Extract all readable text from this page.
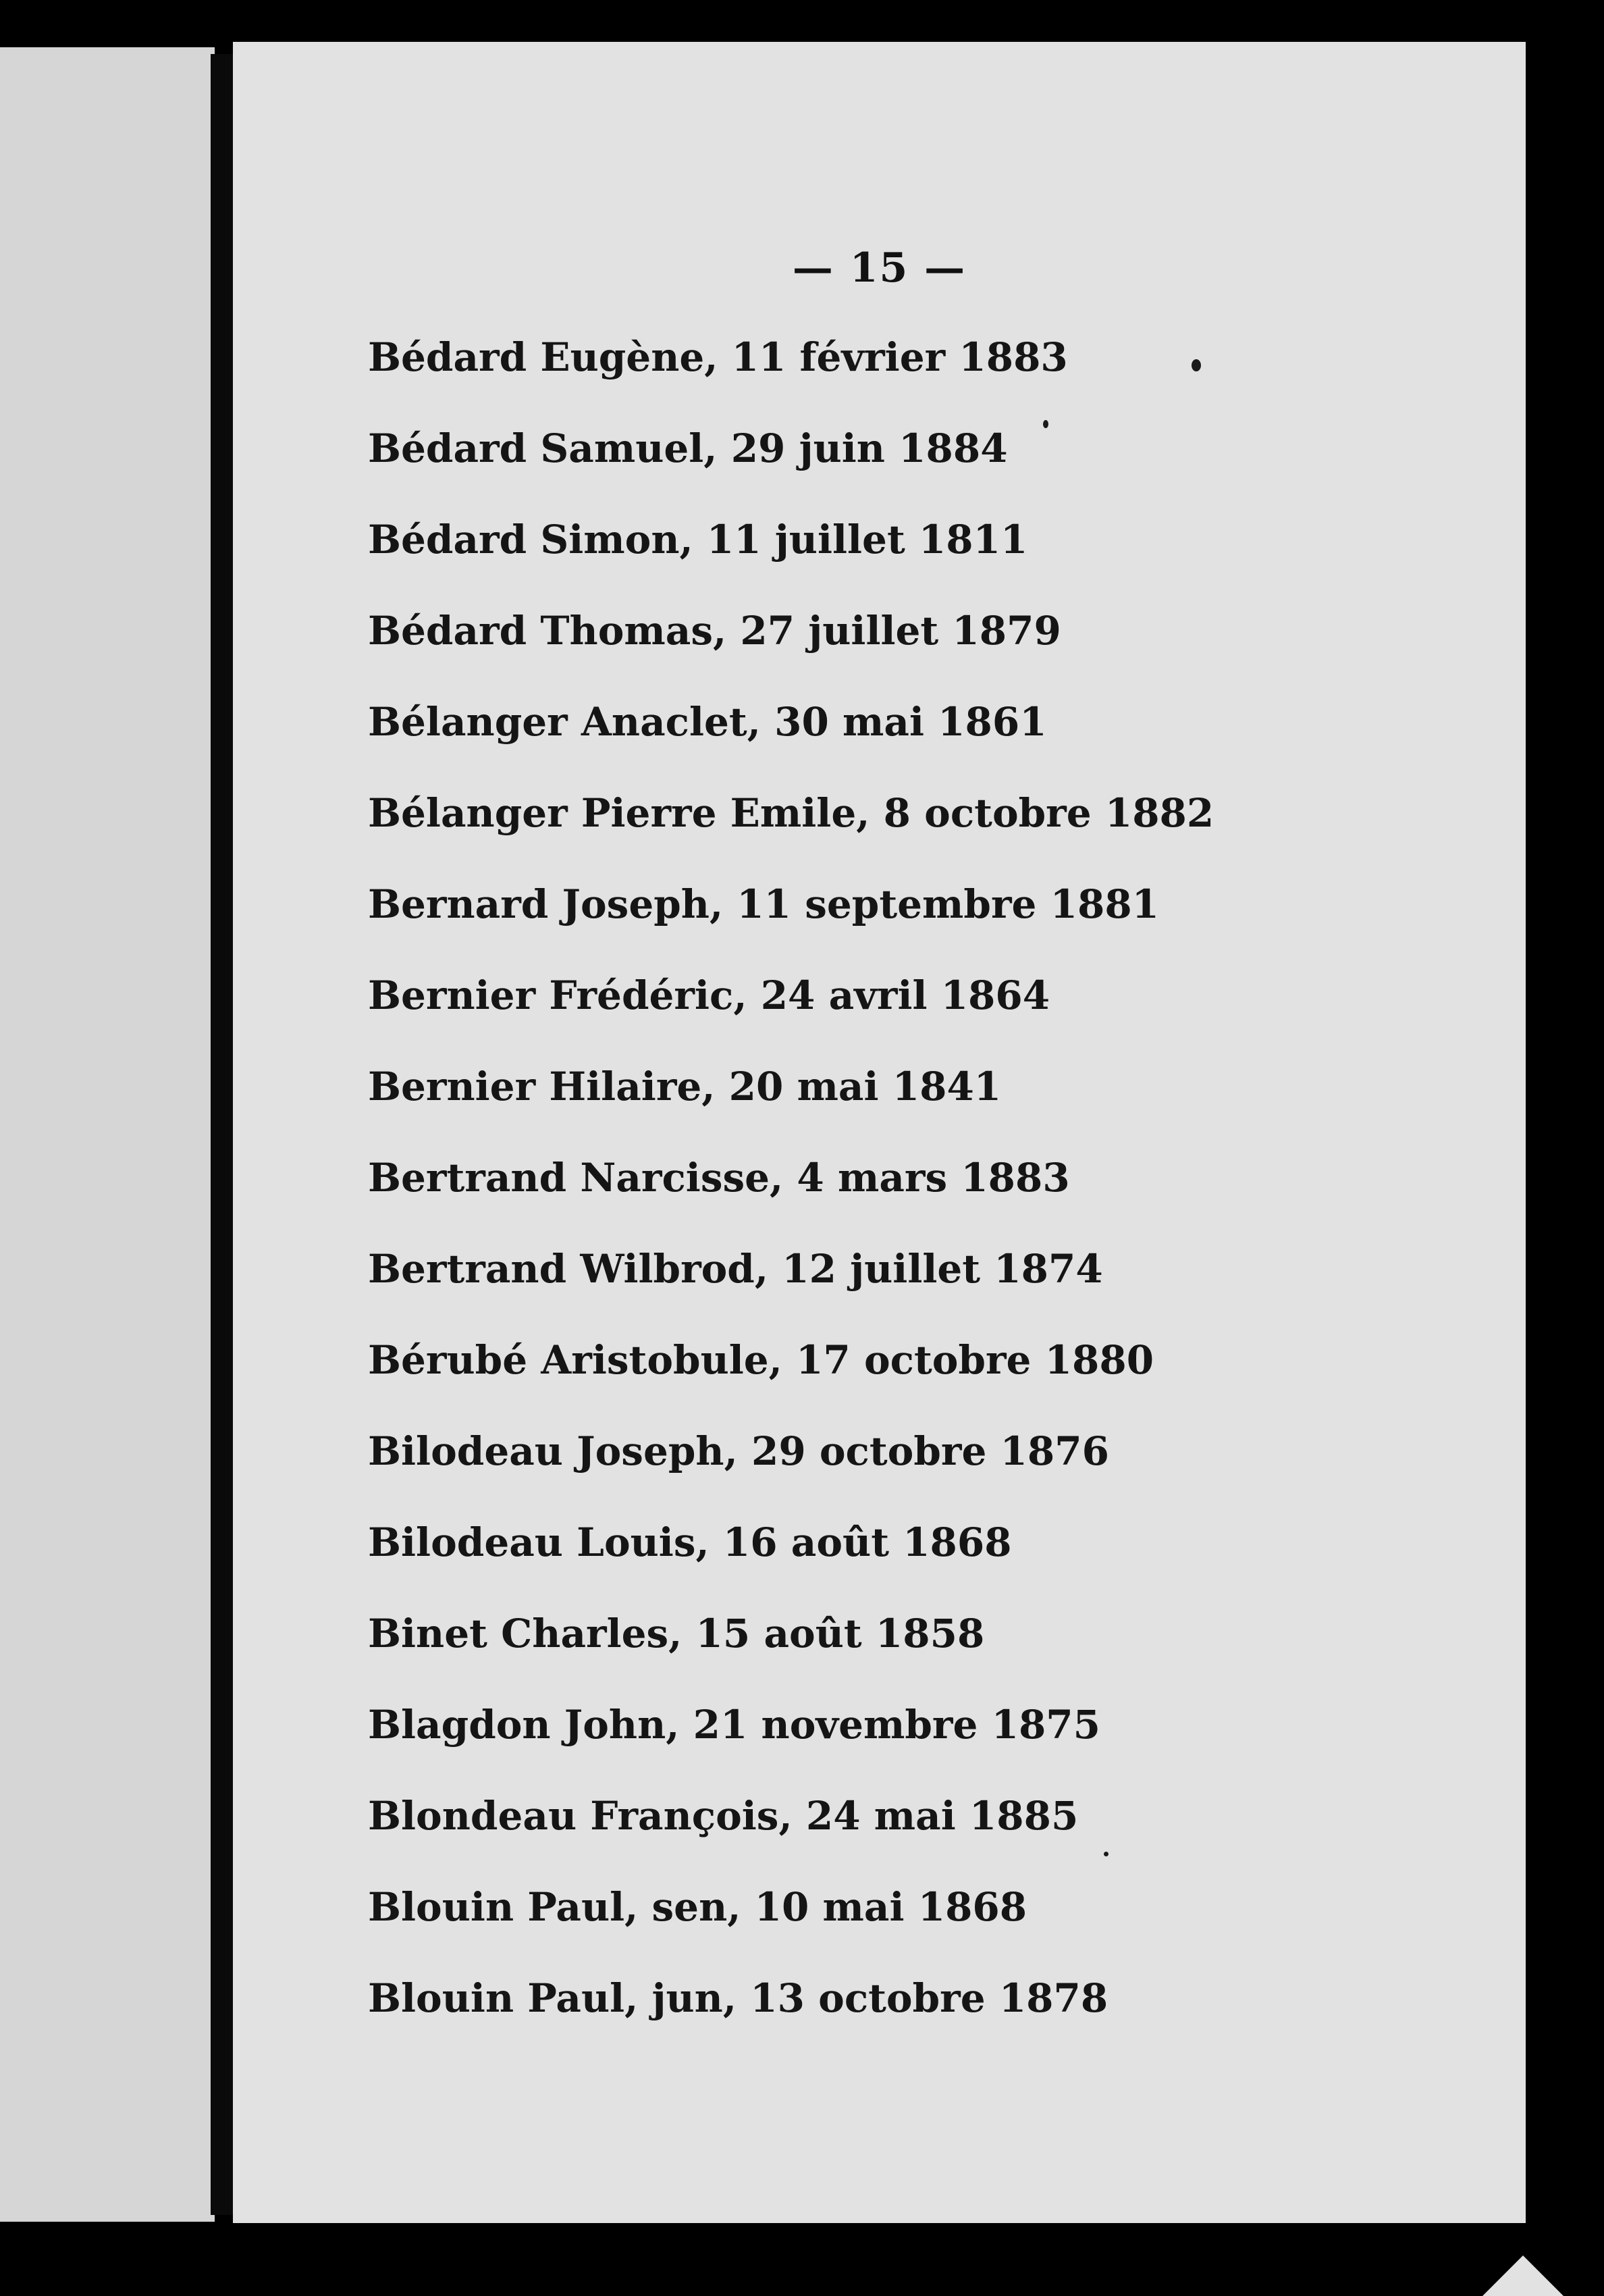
— 15 —
Bédard Eugène, 11 février 1883
Bédard Samuel, 29 juin 1884
Bédard Simon, 11 juillet 1811
Bédard Thomas, 27 juillet 1879
Bélanger Anaclet, 30 mai 1861
Bélanger Pierre Emile, 8 octobre 1882
Bernard Joseph, 11 septembre 1881
Bernier Frédéric, 24 avril 1864
Bernier Hilaire, 20 mai 1841
Bertrand Narcisse, 4 mars 1883
Bertrand Wilbrod, 12 juillet 1874
Bérubé Aristobule, 17 octobre 1880
Bilodeau Joseph, 29 octobre 1876
Bilodeau Louis, 16 août 1868
Binet Charles, 15 août 1858
Blagdon John, 21 novembre 1875
Blondeau François, 24 mai 1885
Blouin Paul, sen, 10 mai 1868
Blouin Paul, jun, 13 octobre 1878
